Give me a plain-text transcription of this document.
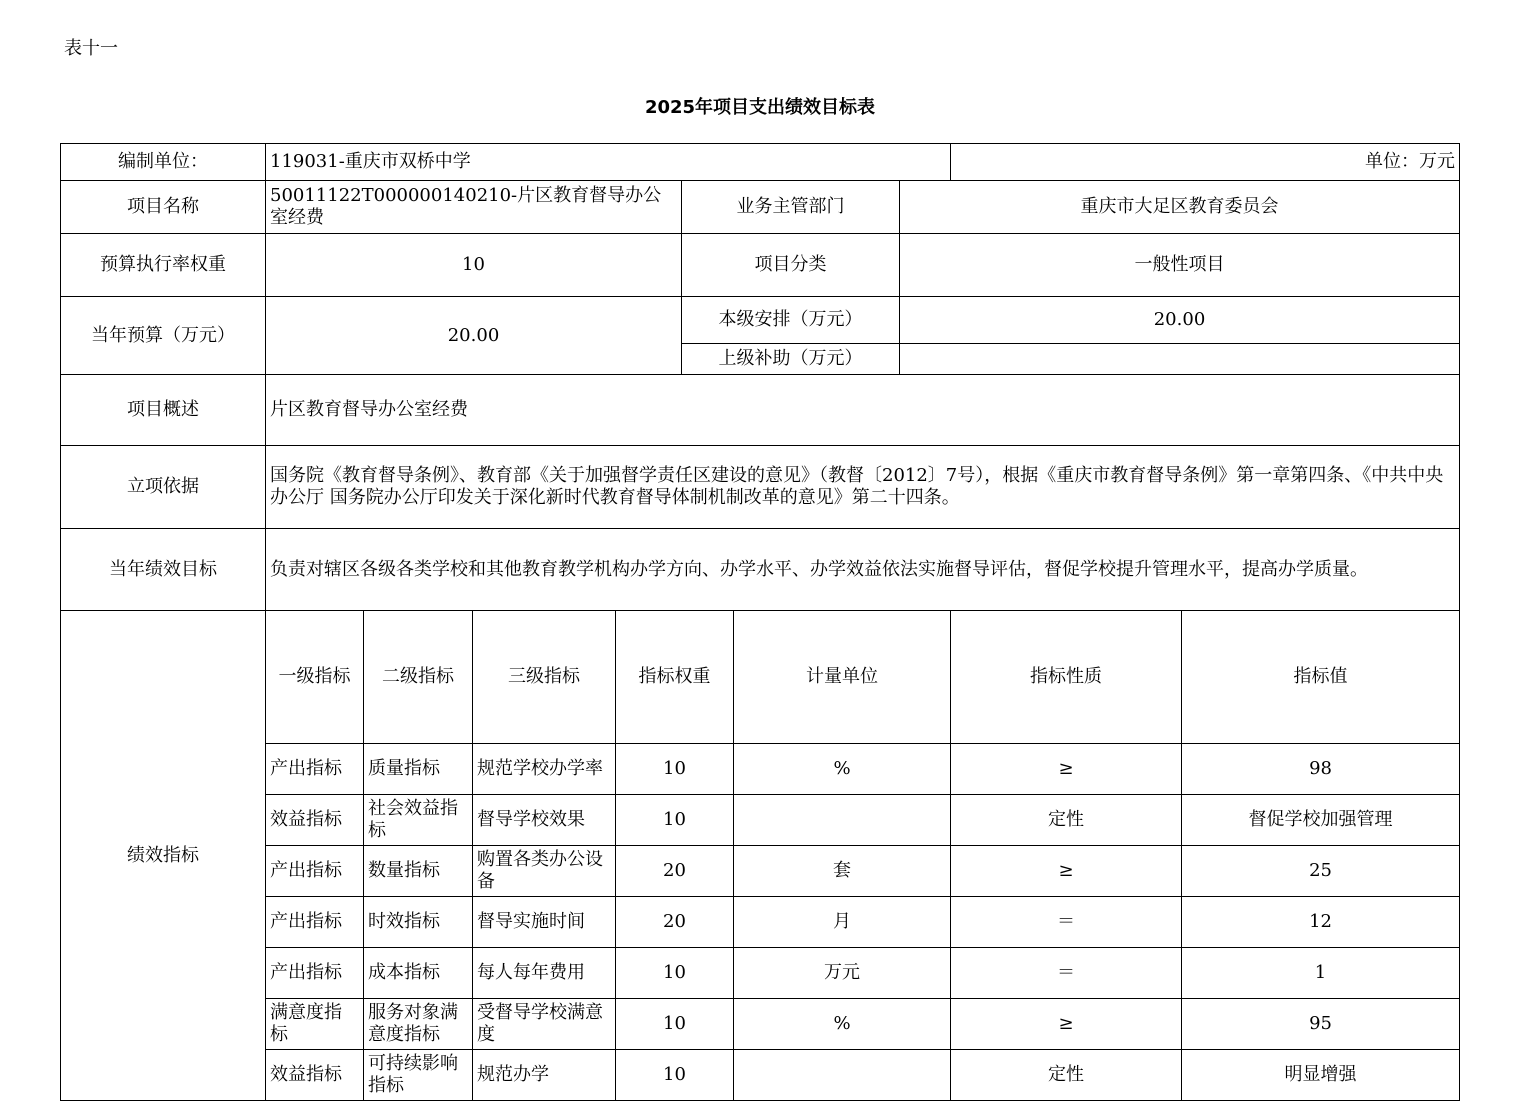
表十一
2025年项目支出绩效目标表
编制单位：	119031-重庆市双桥中学							单位：万元		
项目名称	50011122T000000140210-片区教育督导办公室经费				业务主管部门		重庆市大足区教育委员会			
预算执行率权重	10				项目分类		一般性项目			
当年预算（万元）	20.00				本级安排（万元）		20.00			
					上级补助（万元）					
项目概述	片区教育督导办公室经费									
立项依据	国务院《教育督导条例》、教育部《关于加强督学责任区建设的意见》（教督〔2012〕7号），根据《重庆市教育督导条例》第一章第四条、《中共中央办公厅 国务院办公厅印发关于深化新时代教育督导体制机制改革的意见》第二十四条。									
当年绩效目标	负责对辖区各级各类学校和其他教育教学机构办学方向、办学水平、办学效益依法实施督导评估，督促学校提升管理水平，提高办学质量。									
绩效指标	一级指标	二级指标	三级指标	指标权重		计量单位		指标性质	指标值	
	产出指标	质量指标	规范学校办学率	10		%		≥	98	
	效益指标	社会效益指标	督导学校效果	10				定性	督促学校加强管理	
	产出指标	数量指标	购置各类办公设备	20		套		≥	25	
	产出指标	时效指标	督导实施时间	20		月		＝	12	
	产出指标	成本指标	每人每年费用	10		万元		＝	1	
	满意度指标	服务对象满意度指标	受督导学校满意度	10		%		≥	95	
	效益指标	可持续影响指标	规范办学	10				定性	明显增强	
